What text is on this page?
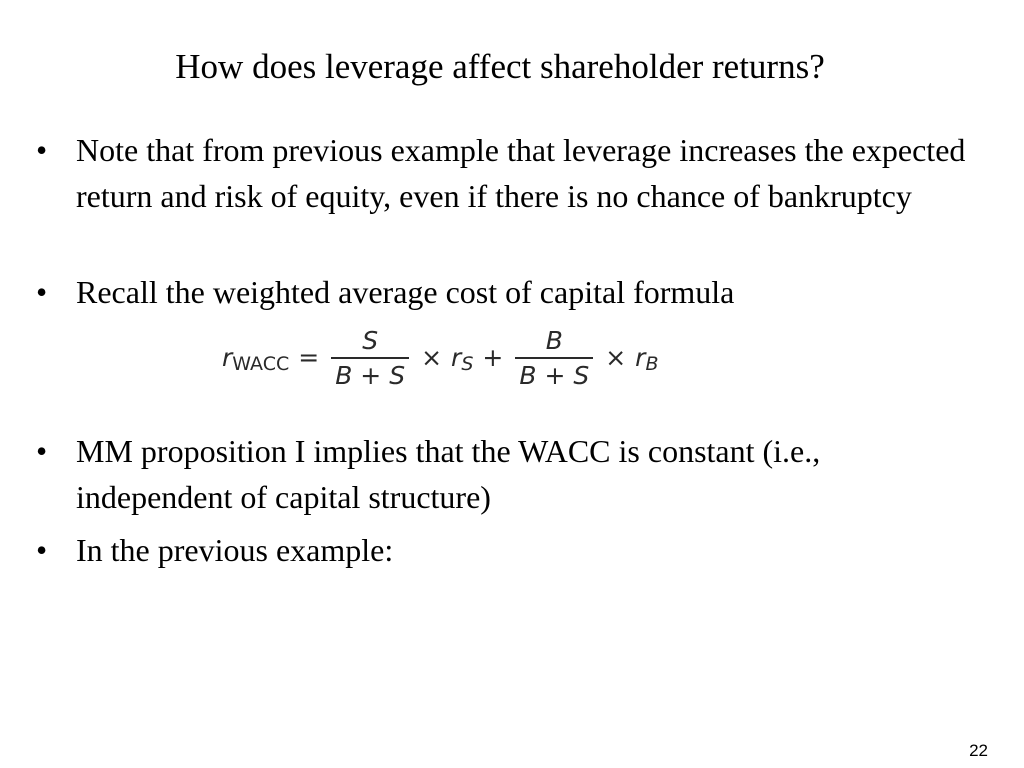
How does leverage affect shareholder returns?
• Note that from previous example that leverage increases the expected return and risk of equity, even if there is no chance of bankruptcy
• Recall the weighted average cost of capital formula
r WACC = $\frac{S}{B + S} \times r$ $S + \frac{B}{B + S} \times r$ B
• MM proposition I implies that the WACC is constant (i.e., independent of capital structure)
• In the previous example:
22
